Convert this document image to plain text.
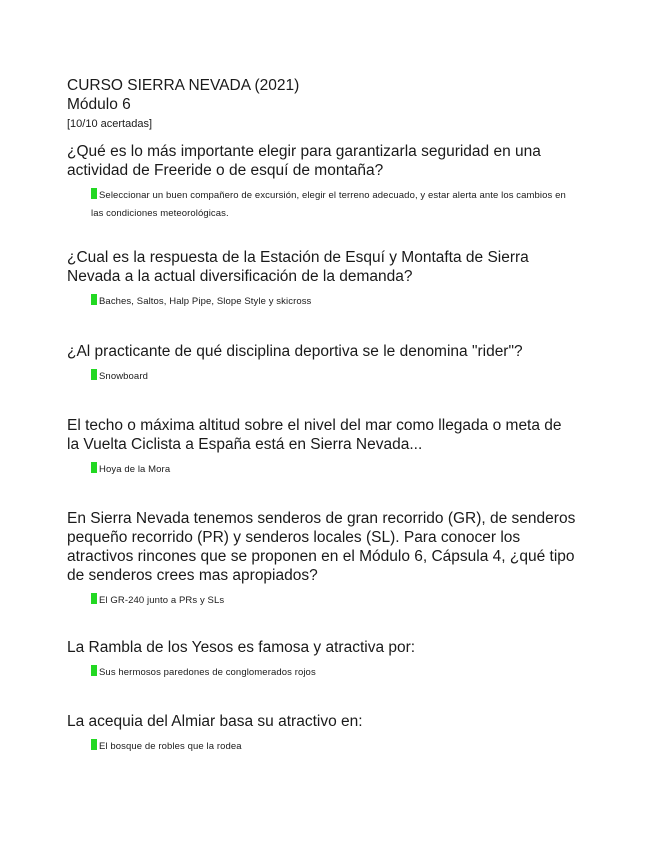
CURSO SIERRA NEVADA (2021)
Módulo 6
[10/10 acertadas]

¿Qué es lo más importante elegir para garantizarla seguridad en una actividad de Freeride o de esquí de montaña?

Seleccionar un buen compañero de excursión, elegir el terreno adecuado, y estar alerta ante los cambios en las condiciones meteorológicas.

¿Cual es la respuesta de la Estación de Esquí y Montafta de Sierra Nevada a la actual diversificación de la demanda?

Baches, Saltos, Halp Pipe, Slope Style y skicross

¿Al practicante de qué disciplina deportiva se le denomina "rider"?

Snowboard

El techo o máxima altitud sobre el nivel del mar como llegada o meta de la Vuelta Ciclista a España está en Sierra Nevada...

Hoya de la Mora

En Sierra Nevada tenemos senderos de gran recorrido (GR), de senderos pequeño recorrido (PR) y senderos locales (SL). Para conocer los atractivos rincones que se proponen en el Módulo 6, Cápsula 4, ¿qué tipo de senderos crees mas apropiados?

El GR-240 junto a PRs y SLs

La Rambla de los Yesos es famosa y atractiva por:

Sus hermosos paredones de conglomerados rojos

La acequia del Almiar basa su atractivo en:

El bosque de robles que la rodea
